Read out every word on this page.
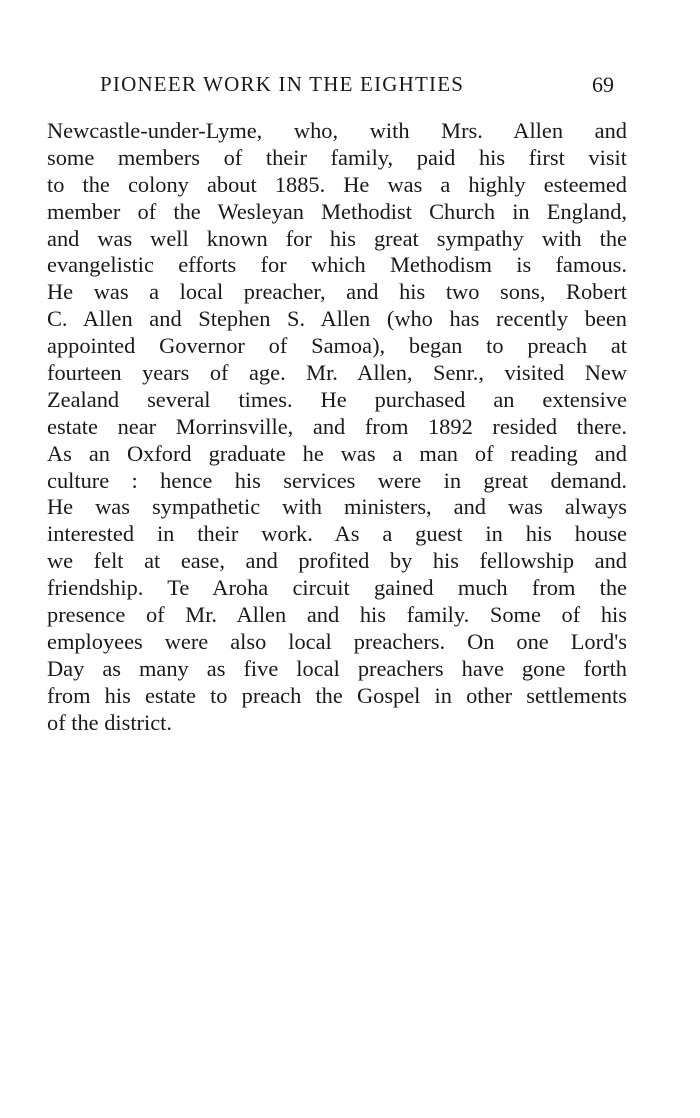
PIONEER WORK IN THE EIGHTIES	69
Newcastle-under-Lyme, who, with Mrs. Allen and
some members of their family, paid his first visit
to the colony about 1885. He was a highly esteemed
member of the Wesleyan Methodist Church in England,
and was well known for his great sympathy with the
evangelistic efforts for which Methodism is famous.
He was a local preacher, and his two sons, Robert
C. Allen and Stephen S. Allen (who has recently been
appointed Governor of Samoa), began to preach at
fourteen years of age. Mr. Allen, Senr., visited New
Zealand several times. He purchased an extensive
estate near Morrinsville, and from 1892 resided there.
As an Oxford graduate he was a man of reading and
culture : hence his services were in great demand.
He was sympathetic with ministers, and was always
interested in their work. As a guest in his house
we felt at ease, and profited by his fellowship and
friendship. Te Aroha circuit gained much from the
presence of Mr. Allen and his family. Some of his
employees were also local preachers. On one Lord's
Day as many as five local preachers have gone forth
from his estate to preach the Gospel in other settlements
of the district.
